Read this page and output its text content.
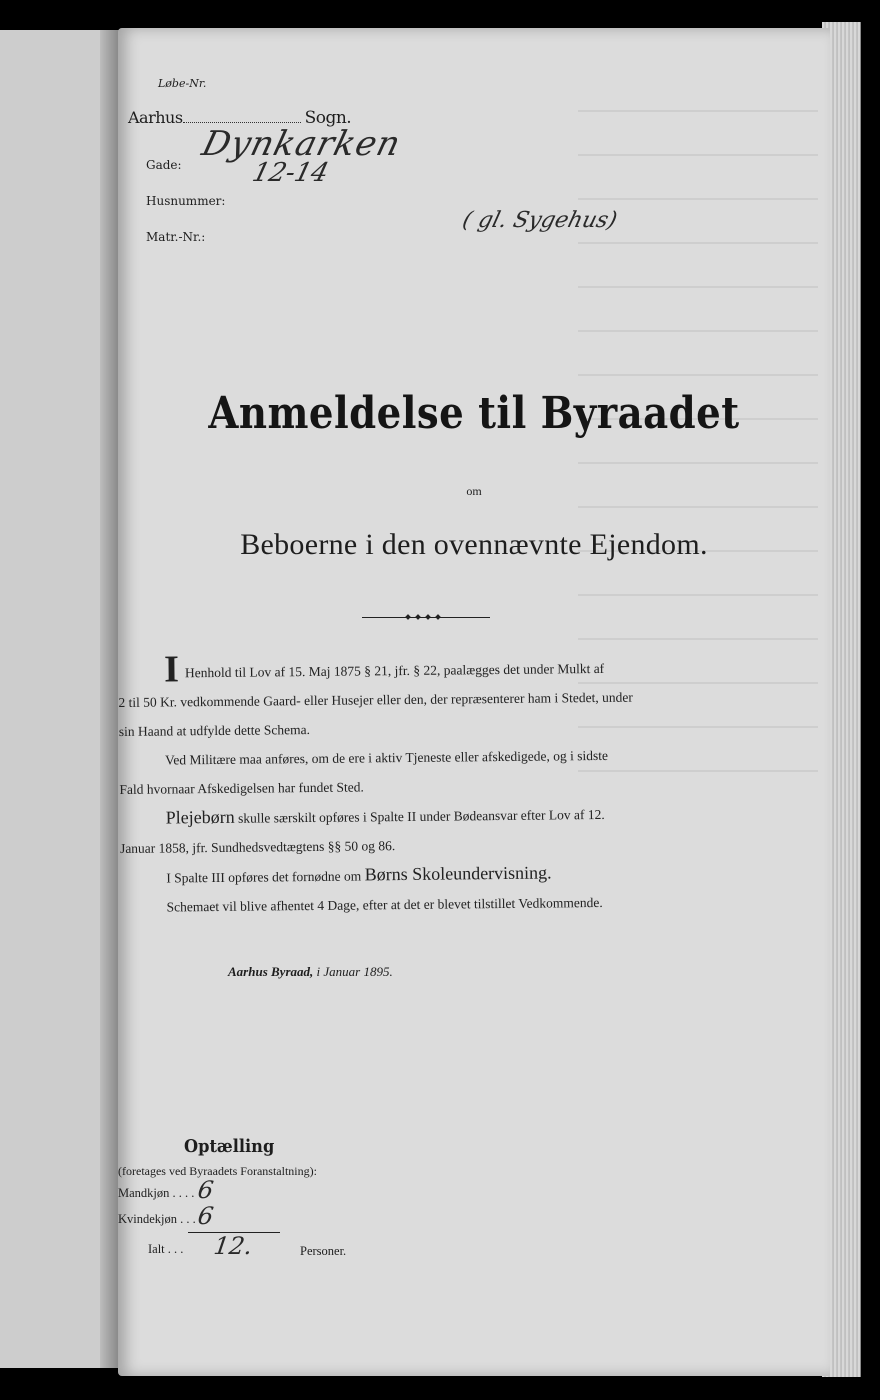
Løbe-Nr.
Aarhus	Sogn.
Gade:
Husnummer:
Matr.-Nr.:
Dynkarken
12-14
( gl. Sygehus)
Anmeldelse til Byraadet
om
Beboerne i den ovennævnte Ejendom.

I Henhold til Lov af 15. Maj 1875 § 21, jfr. § 22, paalægges det under Mulkt af

2 til 50 Kr. vedkommende Gaard- eller Husejer eller den, der repræsenterer ham i Stedet, under

sin Haand at udfylde dette Schema.

Ved Militære maa anføres, om de ere i aktiv Tjeneste eller afskedigede, og i sidste

Fald hvornaar Afskedigelsen har fundet Sted.

Plejebørn skulle særskilt opføres i Spalte II under Bødeansvar efter Lov af 12.

Januar 1858, jfr. Sundhedsvedtægtens §§ 50 og 86.

I Spalte III opføres det fornødne om Børns Skoleundervisning.

Schemaet vil blive afhentet 4 Dage, efter at det er blevet tilstillet Vedkommende.

Aarhus Byraad, i Januar 1895.
Optælling
(foretages ved Byraadets Foranstaltning):
Mandkjøn . . . . 6
Kvindekjøn . . . .
6
Ialt . . . 12.	Personer.
